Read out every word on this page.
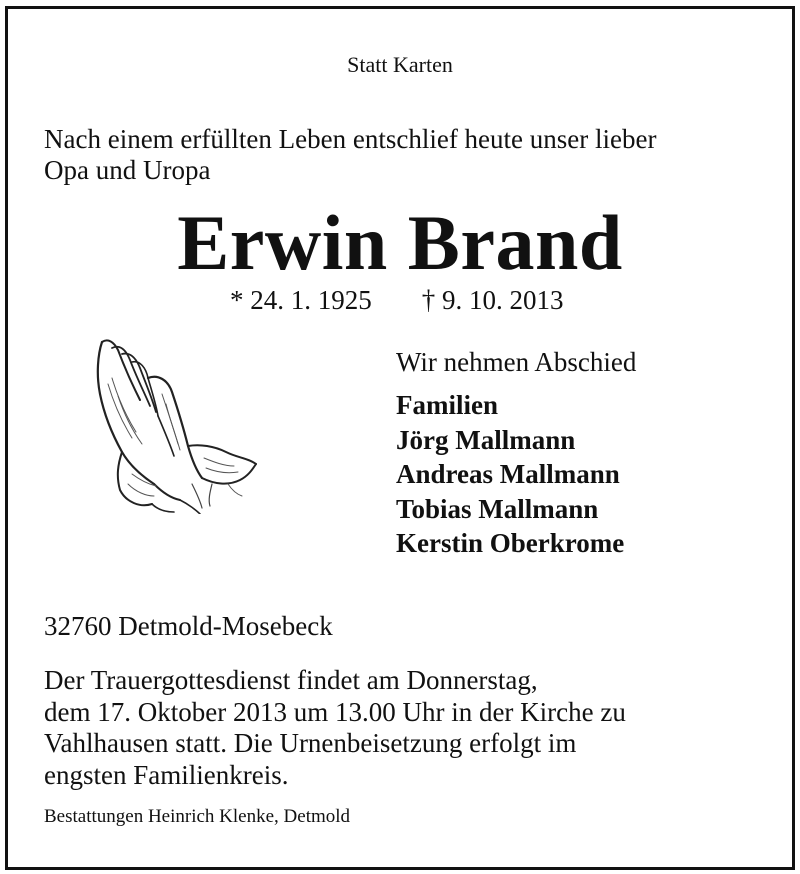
Statt Karten
Nach einem erfüllten Leben entschlief heute unser lieber
Opa und Uropa
Erwin Brand
* 24. 1. 1925 † 9. 10. 2013
Wir nehmen Abschied
Familien
Jörg Mallmann
Andreas Mallmann
Tobias Mallmann
Kerstin Oberkrome
32760 Detmold-Mosebeck
Der Trauergottesdienst findet am Donnerstag,
dem 17. Oktober 2013 um 13.00 Uhr in der Kirche zu
Vahlhausen statt. Die Urnenbeisetzung erfolgt im
engsten Familienkreis.
Bestattungen Heinrich Klenke, Detmold
